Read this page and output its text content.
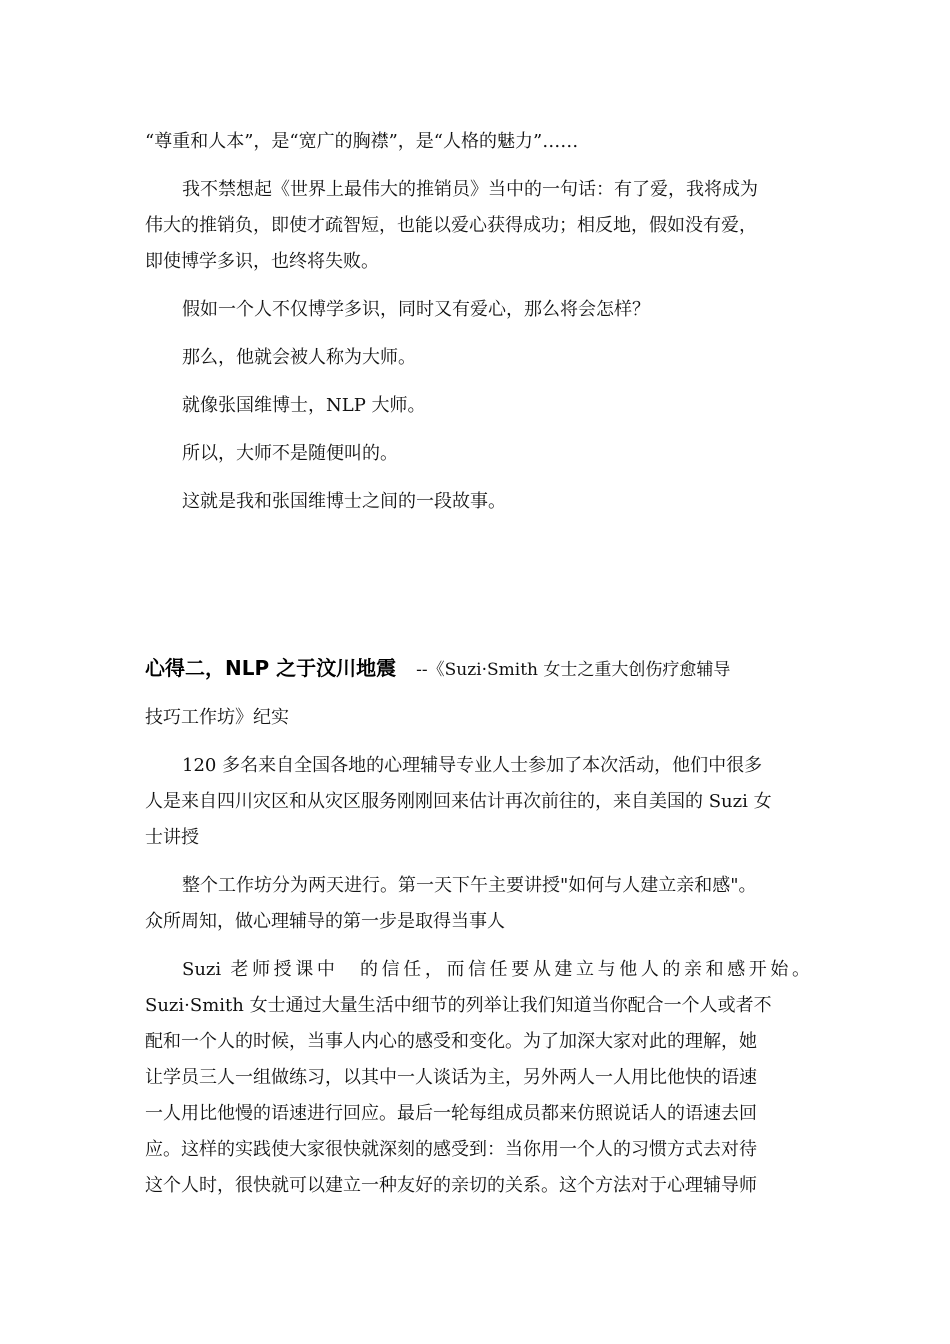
“尊重和人本”，是“宽广的胸襟”，是“人格的魅力”……

我不禁想起《世界上最伟大的推销员》当中的一句话：有了爱，我将成为

伟大的推销负，即使才疏智短，也能以爱心获得成功；相反地，假如没有爱，

即使博学多识，也终将失败。

假如一个人不仅博学多识，同时又有爱心，那么将会怎样？

那么，他就会被人称为大师。

就像张国维博士，NLP 大师。

所以，大师不是随便叫的。

这就是我和张国维博士之间的一段故事。

心得二，NLP 之于汶川地震 --《Suzi·Smith 女士之重大创伤疗愈辅导

技巧工作坊》纪实

120 多名来自全国各地的心理辅导专业人士参加了本次活动，他们中很多

人是来自四川灾区和从灾区服务刚刚回来估计再次前往的，来自美国的 Suzi 女

士讲授

整个工作坊分为两天进行。第一天下午主要讲授"如何与人建立亲和感"。

众所周知，做心理辅导的第一步是取得当事人

Suzi 老师授课中　的信任，而信任要从建立与他人的亲和感开始。

Suzi·Smith 女士通过大量生活中细节的列举让我们知道当你配合一个人或者不

配和一个人的时候，当事人内心的感受和变化。为了加深大家对此的理解，她

让学员三人一组做练习，以其中一人谈话为主，另外两人一人用比他快的语速

一人用比他慢的语速进行回应。最后一轮每组成员都来仿照说话人的语速去回

应。这样的实践使大家很快就深刻的感受到：当你用一个人的习惯方式去对待

这个人时，很快就可以建立一种友好的亲切的关系。这个方法对于心理辅导师
